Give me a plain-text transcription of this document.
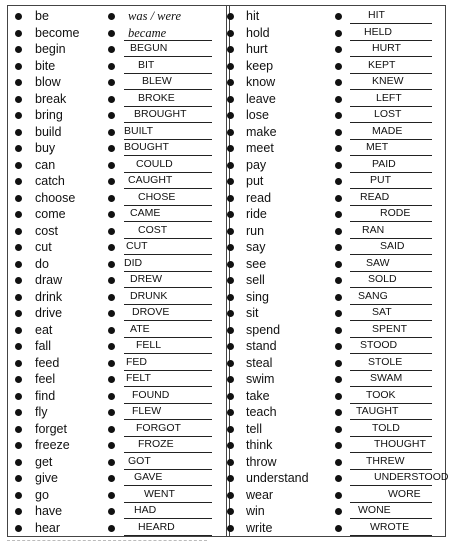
be	was / were
become	became
begin	BEGUN
bite	BIT
blow	BLEW
break	BROKE
bring	BROUGHT
build	BUILT
buy	BOUGHT
can	COULD
catch	CAUGHT
choose	CHOSE
come	CAME
cost	COST
cut	CUT
do	DID
draw	DREW
drink	DRUNK
drive	DROVE
eat	ATE
fall	FELL
feed	FED
feel	FELT
find	FOUND
fly	FLEW
forget	FORGOT
freeze	FROZE
get	GOT
give	GAVE
go	WENT
have	HAD
hear	HEARD
hit	HIT
hold	HELD
hurt	HURT
keep	KEPT
know	KNEW
leave	LEFT
lose	LOST
make	MADE
meet	MET
pay	PAID
put	PUT
read	READ
ride	RODE
run	RAN
say	SAID
see	SAW
sell	SOLD
sing	SANG
sit	SAT
spend	SPENT
stand	STOOD
steal	STOLE
swim	SWAM
take	TOOK
teach	TAUGHT
tell	TOLD
think	THOUGHT
throw	THREW
understand	UNDERSTOOD
wear	WORE
win	WONE
write	WROTE
